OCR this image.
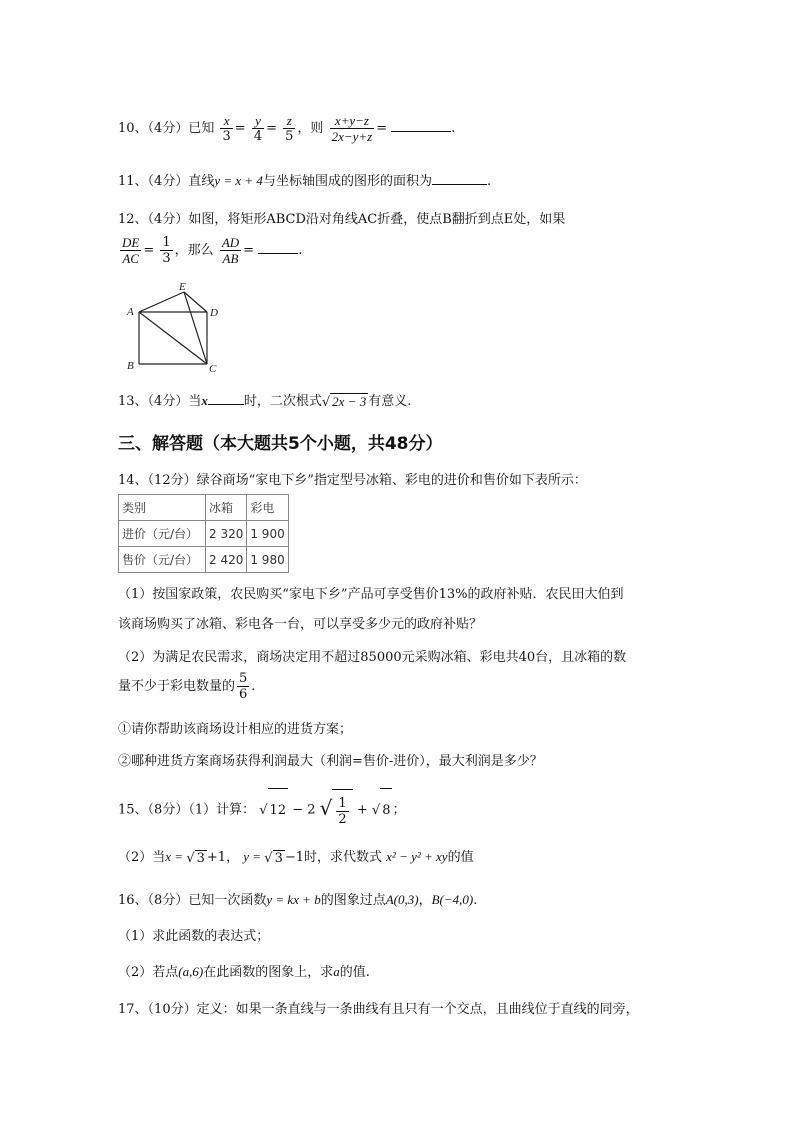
10、（4分）已知 $\frac{x}{3} = \frac{y}{4} = \frac{z}{5}$ ，则 $\frac{x+y-z}{2x-y+z}$ =	.
11、（4分）直线y = x + 4与坐标轴围成的图形的面积为	.
12、（4分）如图，将矩形ABCD沿对角线AC折叠，使点B翻折到点E处，如果
$\frac{DE}{AC} = \frac{1}{3}$ ，那么 $\frac{AD}{AB}$ =	.
A
B	C
D
E
13、（4分）当x	时，二次根式√ 2x − 3 有意义.
三、解答题（本大题共5个小题，共48分）
14、（12分）绿谷商场“家电下乡”指定型号冰箱、彩电的进价和售价如下表所示：
类别	冰箱	彩电
进价（元/台）	2 320	1 900
售价（元/台）	2 420	1 980
（1）按国家政策，农民购买“家电下乡”产品可享受售价13%的政府补贴．农民田大伯到
该商场购买了冰箱、彩电各一台，可以享受多少元的政府补贴？
（2）为满足农民需求，商场决定用不超过85000元采购冰箱、彩电共40台，且冰箱的数
量不少于彩电数量的 $\frac{5}{6}$ .
①请你帮助该商场设计相应的进货方案；
②哪种进货方案商场获得利润最大（利润=售价-进价），最大利润是多少？
15、（8分）（1）计算： √ 12 − 2 √ $\frac{1}{2}$ + √ 8 ；
（2）当x = √ 3 +1， y = √ 3 −1时，求代数式 x² − y² + xy的值
16、（8分）已知一次函数y = kx + b的图象过点A(0,3)，B(−4,0).
（1）求此函数的表达式；
（2）若点(a,6)在此函数的图象上，求a的值.
17、（10分）定义：如果一条直线与一条曲线有且只有一个交点，且曲线位于直线的同旁，
